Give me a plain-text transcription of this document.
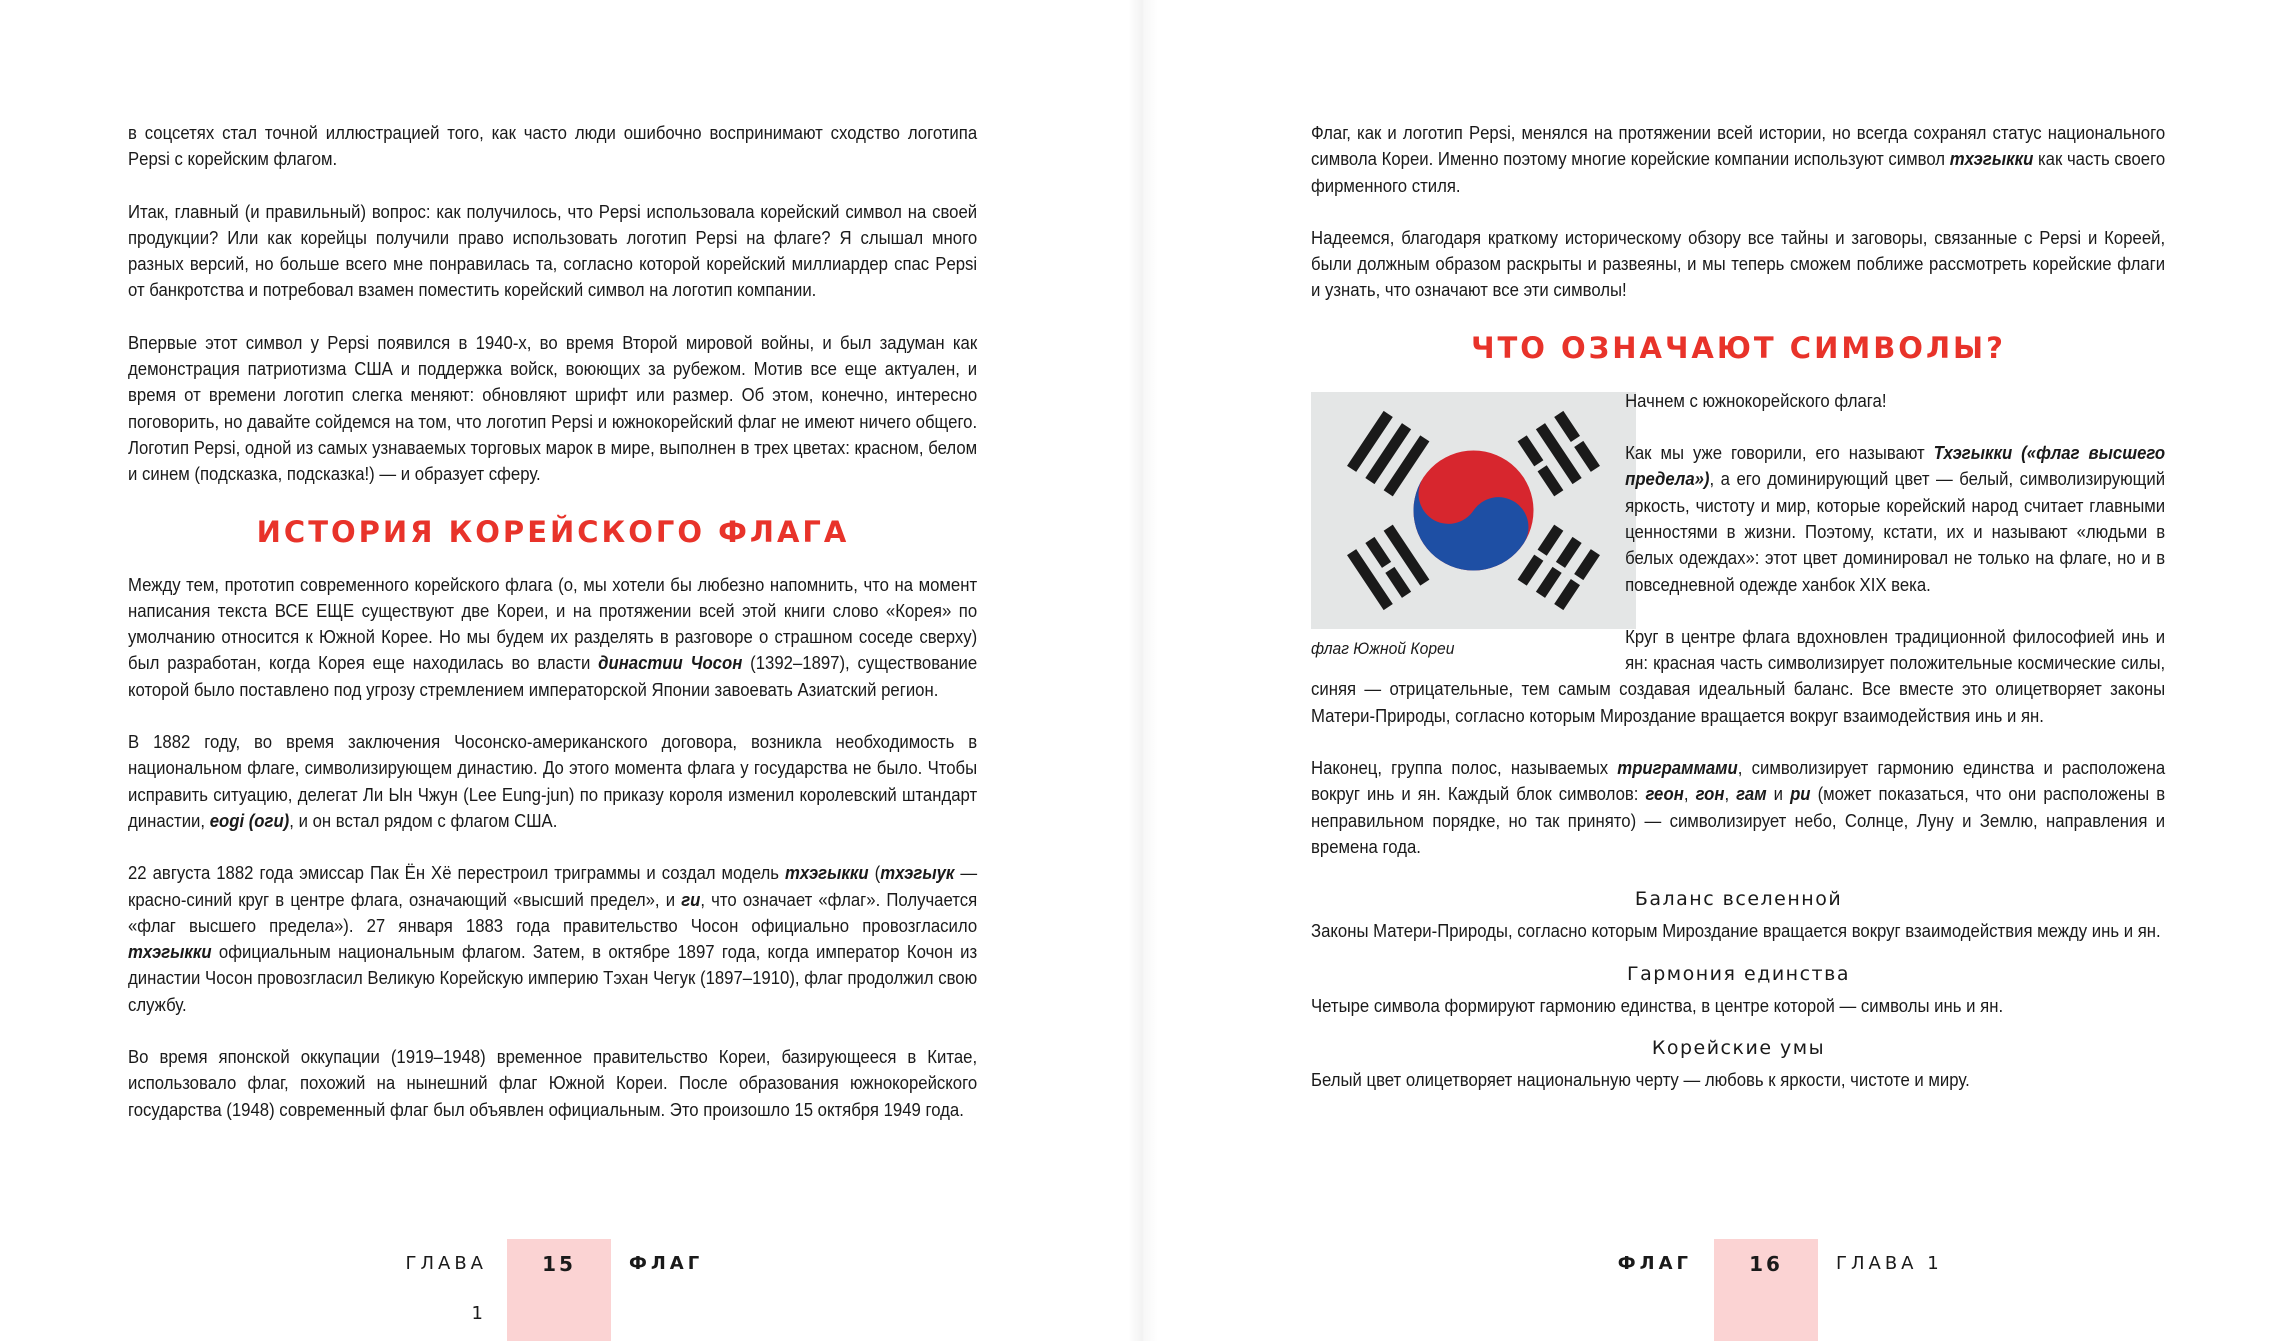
в соцсетях стал точной иллюстрацией того, как часто люди ошибочно воспринимают сходство логотипа Pepsi с корейским флагом.

Итак, главный (и правильный) вопрос: как получилось, что Pepsi использовала корейский символ на своей продукции? Или как корейцы получили право использовать логотип Pepsi на флаге? Я слышал много разных версий, но больше всего мне понравилась та, согласно которой корейский миллиардер спас Pepsi от банкротства и потребовал взамен поместить корейский символ на логотип компании.

Впервые этот символ у Pepsi появился в 1940-х, во время Второй мировой войны, и был задуман как демонстрация патриотизма США и поддержка войск, воюющих за рубежом. Мотив все еще актуален, и время от времени логотип слегка меняют: обновляют шрифт или размер. Об этом, конечно, интересно поговорить, но давайте сойдемся на том, что логотип Pepsi и южнокорейский флаг не имеют ничего общего. Логотип Pepsi, одной из самых узнаваемых торговых марок в мире, выполнен в трех цветах: красном, белом и синем (подсказка, подсказка!) — и образует сферу.

ИСТОРИЯ КОРЕЙСКОГО ФЛАГА

Между тем, прототип современного корейского флага (о, мы хотели бы любезно напомнить, что на момент написания текста ВСЕ ЕЩЕ существуют две Кореи, и на протяжении всей этой книги слово «Корея» по умолчанию относится к Южной Корее. Но мы будем их разделять в разговоре о страшном соседе сверху) был разработан, когда Корея еще находилась во власти династии Чосон (1392–1897), существование которой было поставлено под угрозу стремлением императорской Японии завоевать Азиатский регион.

В 1882 году, во время заключения Чосонско-американского договора, возникла необходимость в национальном флаге, символизирующем династию. До этого момента флага у государства не было. Чтобы исправить ситуацию, делегат Ли Ын Чжун (Lee Eung-jun) по приказу короля изменил королевский штандарт династии, eogi (оги), и он встал рядом с флагом США.

22 августа 1882 года эмиссар Пак Ён Хё перестроил триграммы и создал модель тхэгыкки (тхэгыук — красно-синий круг в центре флага, означающий «высший предел», и ги, что означает «флаг». Получается «флаг высшего предела»). 27 января 1883 года правительство Чосон официально провозгласило тхэгыкки официальным национальным флагом. Затем, в октябре 1897 года, когда император Кочон из династии Чосон провозгласил Великую Корейскую империю Тэхан Чегук (1897–1910), флаг продолжил свою службу.

Во время японской оккупации (1919–1948) временное правительство Кореи, базирующееся в Китае, использовало флаг, похожий на нынешний флаг Южной Кореи. После образования южнокорейского государства (1948) современный флаг был объявлен официальным. Это произошло 15 октября 1949 года.

ГЛАВА 1
15	ФЛАГ

Флаг, как и логотип Pepsi, менялся на протяжении всей истории, но всегда сохранял статус национального символа Кореи. Именно поэтому многие корейские компании используют символ тхэгыкки как часть своего фирменного стиля.

Надеемся, благодаря краткому историческому обзору все тайны и заговоры, связанные с Pepsi и Кореей, были должным образом раскрыты и развеяны, и мы теперь сможем поближе рассмотреть корейские флаги и узнать, что означают все эти символы!

ЧТО ОЗНАЧАЮТ СИМВОЛЫ?
флаг Южной Кореи

Начнем с южнокорейского флага!

Как мы уже говорили, его называют Тхэгыкки («флаг высшего предела»), а его доминирующий цвет — белый, символизирующий яркость, чистоту и мир, которые корейский народ считает главными ценностями в жизни. Поэтому, кстати, их и называют «людьми в белых одеждах»: этот цвет доминировал не только на флаге, но и в повседневной одежде ханбок XIX века.

Круг в центре флага вдохновлен традиционной философией инь и ян: красная часть символизирует положительные космические силы, синяя — отрицательные, тем самым создавая идеальный баланс. Все вместе это олицетворяет законы Матери-Природы, согласно которым Мироздание вращается вокруг взаимодействия инь и ян.

Наконец, группа полос, называемых триграммами, символизирует гармонию единства и расположена вокруг инь и ян. Каждый блок символов: геон, гон, гам и ри (может показаться, что они расположены в неправильном порядке, но так принято) — символизирует небо, Солнце, Луну и Землю, направления и времена года.

Баланс вселенной

Законы Матери-Природы, согласно которым Мироздание вращается вокруг взаимодействия между инь и ян.

Гармония единства

Четыре символа формируют гармонию единства, в центре которой — символы инь и ян.

Корейские умы

Белый цвет олицетворяет национальную черту — любовь к яркости, чистоте и миру.

ФЛАГ	16	ГЛАВА 1
